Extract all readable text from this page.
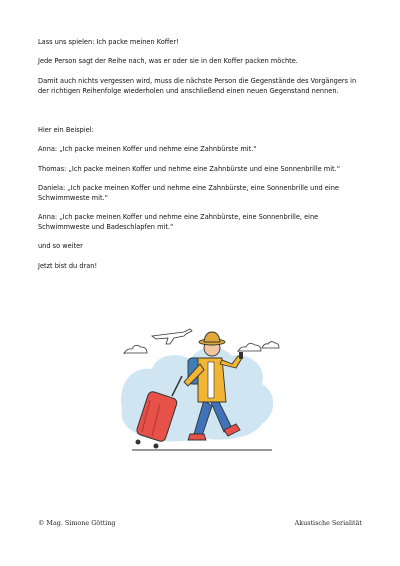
Lass uns spielen: Ich packe meinen Koffer!

Jede Person sagt der Reihe nach, was er oder sie in den Koffer packen möchte.

Damit auch nichts vergessen wird, muss die nächste Person die Gegenstände des Vorgängers in der richtigen Reihenfolge wiederholen und anschließend einen neuen Gegenstand nennen.

Hier ein Beispiel:

Anna: „Ich packe meinen Koffer und nehme eine Zahnbürste mit.“

Thomas: „Ich packe meinen Koffer und nehme eine Zahnbürste und eine Sonnenbrille mit.“

Daniela: „Ich packe meinen Koffer und nehme eine Zahnbürste, eine Sonnenbrille und eine Schwimmweste mit.“

Anna: „Ich packe meinen Koffer und nehme eine Zahnbürste, eine Sonnenbrille, eine Schwimmweste und Badeschlapfen mit.“

und so weiter

Jetzt bist du dran!

© Mag. Simone Götting	Akustische Serialität
